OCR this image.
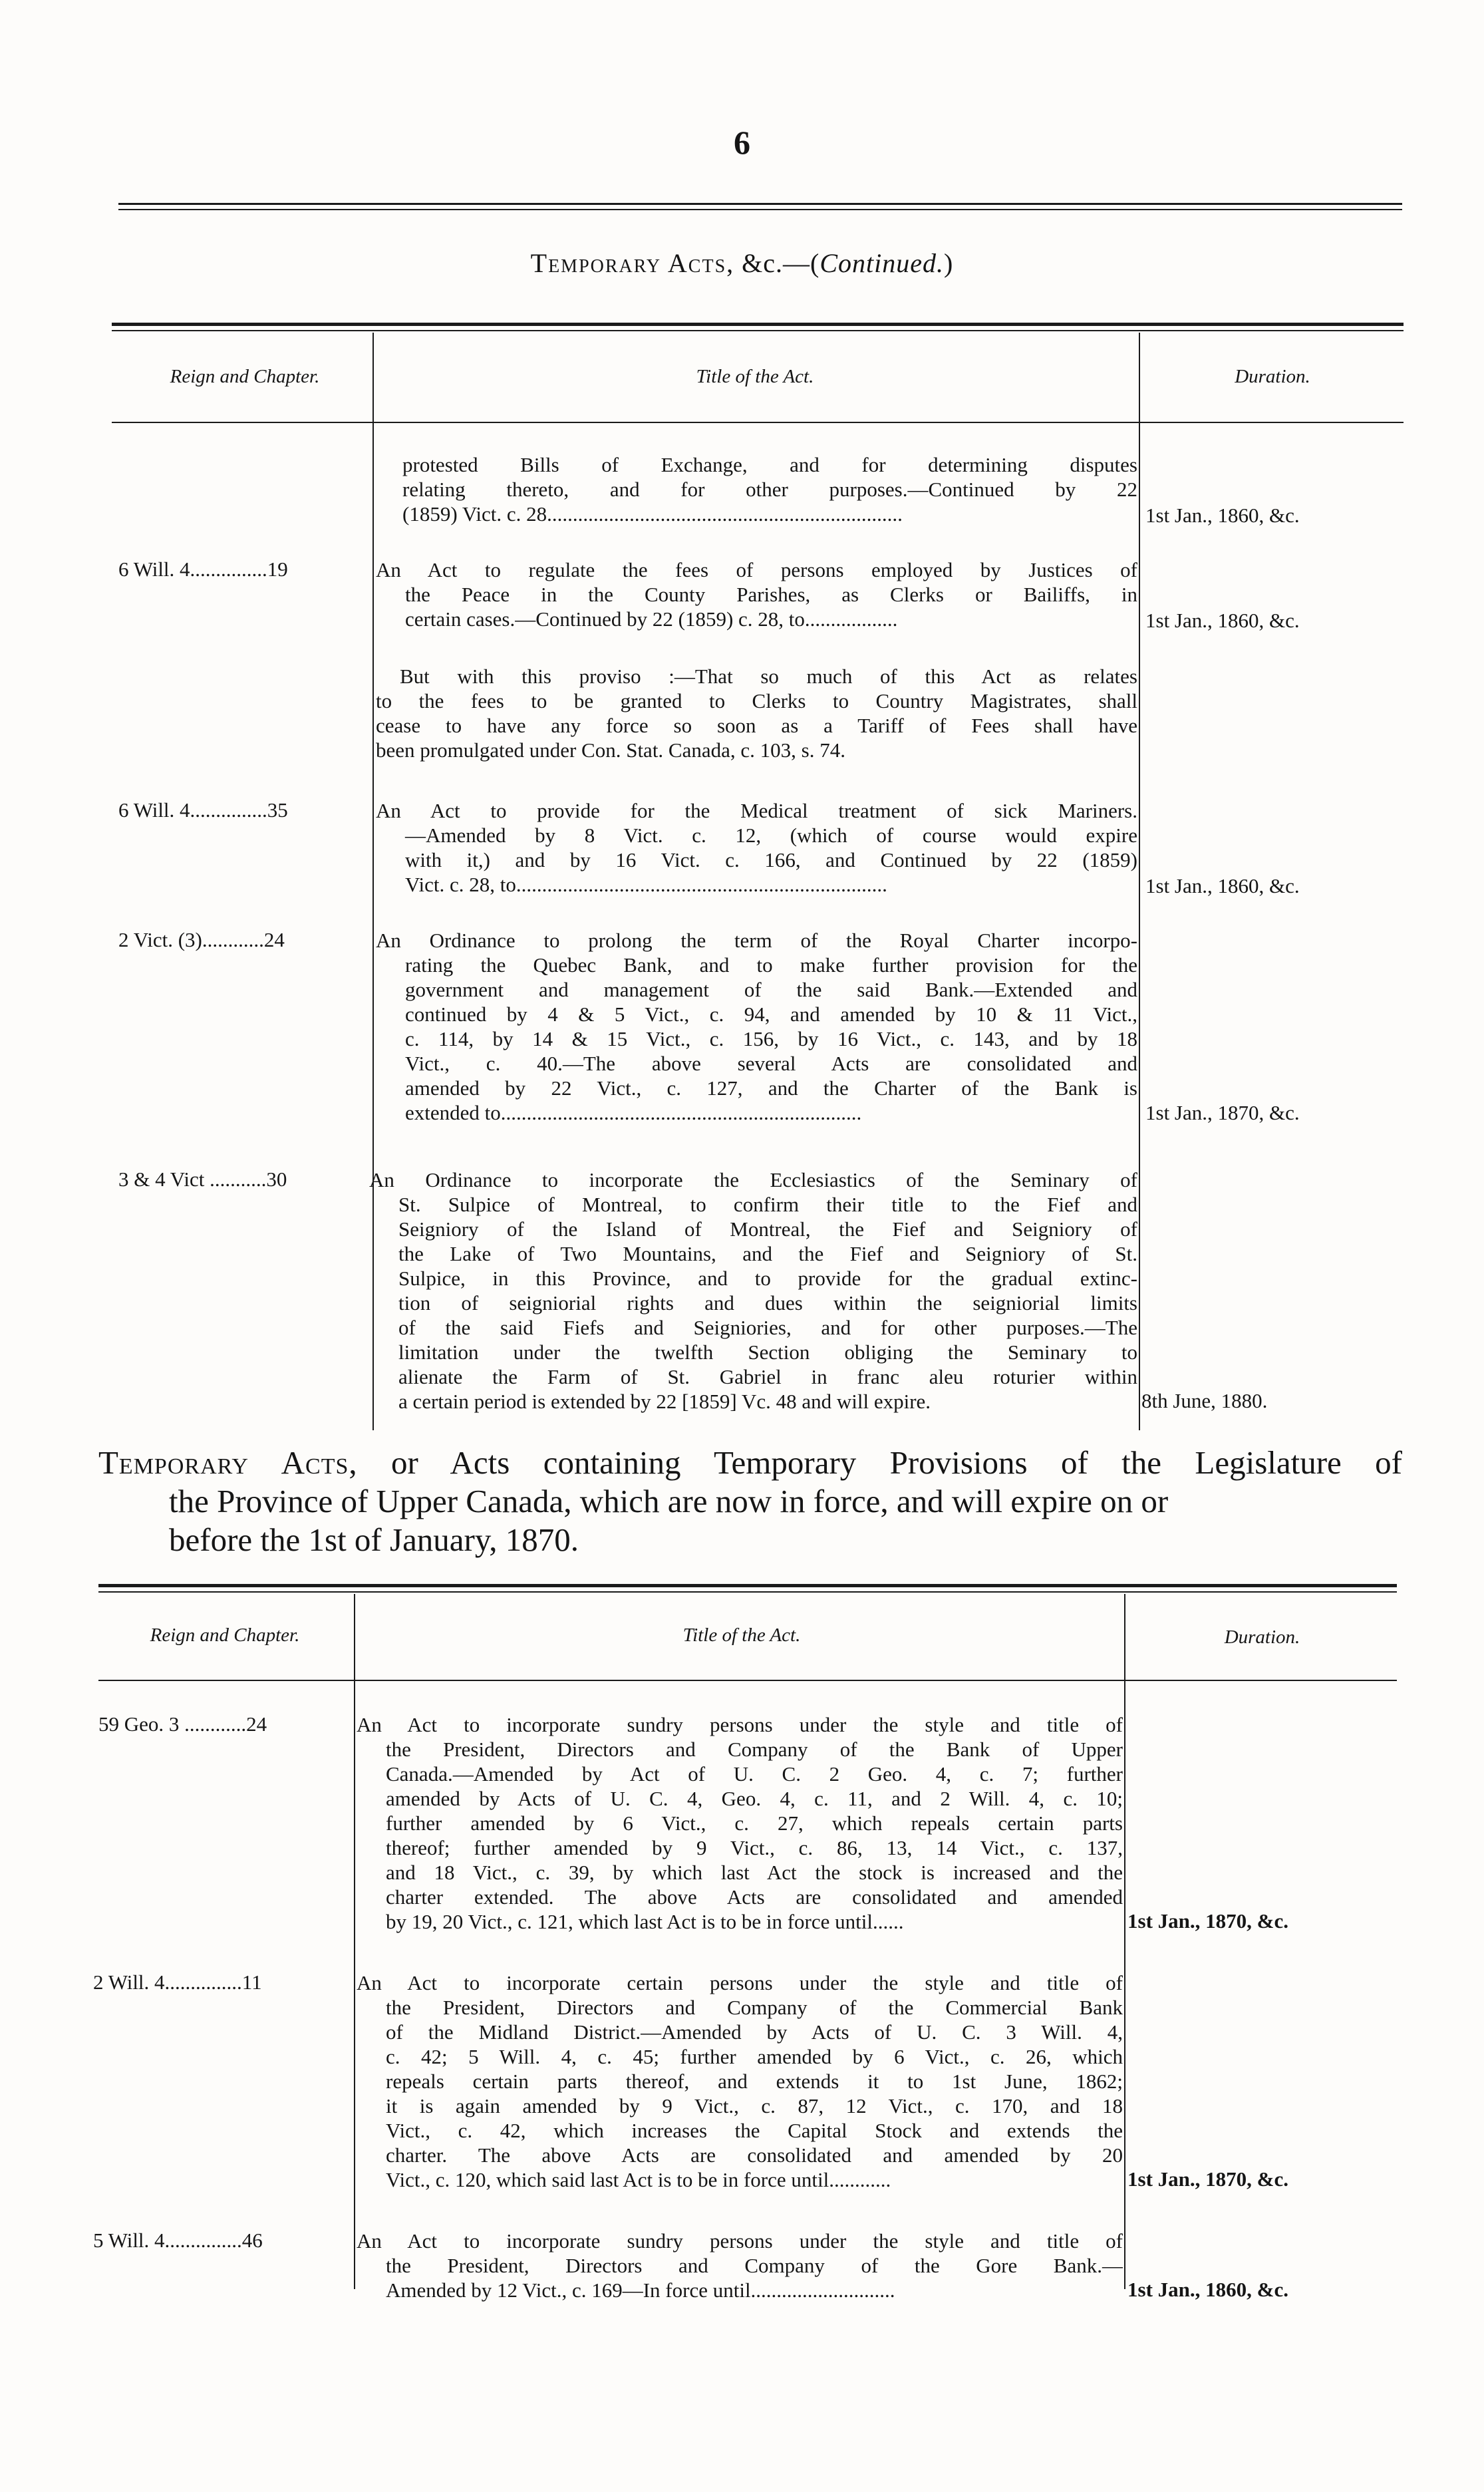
6
Temporary Acts, &c.—(Continued.)
Reign and Chapter.	Title of the Act.	Duration.
protested Bills of Exchange, and for determining disputes
relating thereto, and for other purposes.—Continued by 22
(1859) Vict. c. 28.....................................................................	1st Jan., 1860, &c.
6 Will. 4...............19	An Act to regulate the fees of persons employed by Justices of
the Peace in the County Parishes, as Clerks or Bailiffs, in
certain cases.—Continued by 22 (1859) c. 28, to..................	1st Jan., 1860, &c.
But with this proviso :—That so much of this Act as relates
to the fees to be granted to Clerks to Country Magistrates, shall
cease to have any force so soon as a Tariff of Fees shall have
been promulgated under Con. Stat. Canada, c. 103, s. 74.
6 Will. 4...............35	An Act to provide for the Medical treatment of sick Mariners.
—Amended by 8 Vict. c. 12, (which of course would expire
with it,) and by 16 Vict. c. 166, and Continued by 22 (1859)
Vict. c. 28, to........................................................................	1st Jan., 1860, &c.
2 Vict. (3)............24	An Ordinance to prolong the term of the Royal Charter incorpo-
rating the Quebec Bank, and to make further provision for the
government and management of the said Bank.—Extended and
continued by 4 & 5 Vict., c. 94, and amended by 10 & 11 Vict.,
c. 114, by 14 & 15 Vict., c. 156, by 16 Vict., c. 143, and by 18
Vict., c. 40.—The above several Acts are consolidated and
amended by 22 Vict., c. 127, and the Charter of the Bank is
extended to......................................................................	1st Jan., 1870, &c.
3 & 4 Vict ...........30	An Ordinance to incorporate the Ecclesiastics of the Seminary of
St. Sulpice of Montreal, to confirm their title to the Fief and
Seigniory of the Island of Montreal, the Fief and Seigniory of
the Lake of Two Mountains, and the Fief and Seigniory of St.
Sulpice, in this Province, and to provide for the gradual extinc-
tion of seigniorial rights and dues within the seigniorial limits
of the said Fiefs and Seigniories, and for other purposes.—The
limitation under the twelfth Section obliging the Seminary to
alienate the Farm of St. Gabriel in franc aleu roturier within
a certain period is extended by 22 [1859] Vc. 48 and will expire.	8th June, 1880.
Temporary Acts, or Acts containing Temporary Provisions of the Legislature of
the Province of Upper Canada, which are now in force, and will expire on or
before the 1st of January, 1870.
Reign and Chapter.	Title of the Act.	Duration.
59 Geo. 3 ............24	An Act to incorporate sundry persons under the style and title of
the President, Directors and Company of the Bank of Upper
Canada.—Amended by Act of U. C. 2 Geo. 4, c. 7; further
amended by Acts of U. C. 4, Geo. 4, c. 11, and 2 Will. 4, c. 10;
further amended by 6 Vict., c. 27, which repeals certain parts
thereof; further amended by 9 Vict., c. 86, 13, 14 Vict., c. 137,
and 18 Vict., c. 39, by which last Act the stock is increased and the
charter extended. The above Acts are consolidated and amended
by 19, 20 Vict., c. 121, which last Act is to be in force until......	1st Jan., 1870, &c.
2 Will. 4...............11	An Act to incorporate certain persons under the style and title of
the President, Directors and Company of the Commercial Bank
of the Midland District.—Amended by Acts of U. C. 3 Will. 4,
c. 42; 5 Will. 4, c. 45; further amended by 6 Vict., c. 26, which
repeals certain parts thereof, and extends it to 1st June, 1862;
it is again amended by 9 Vict., c. 87, 12 Vict., c. 170, and 18
Vict., c. 42, which increases the Capital Stock and extends the
charter. The above Acts are consolidated and amended by 20
Vict., c. 120, which said last Act is to be in force until............	1st Jan., 1870, &c.
5 Will. 4...............46	An Act to incorporate sundry persons under the style and title of
the President, Directors and Company of the Gore Bank.—
Amended by 12 Vict., c. 169—In force until............................	1st Jan., 1860, &c.
